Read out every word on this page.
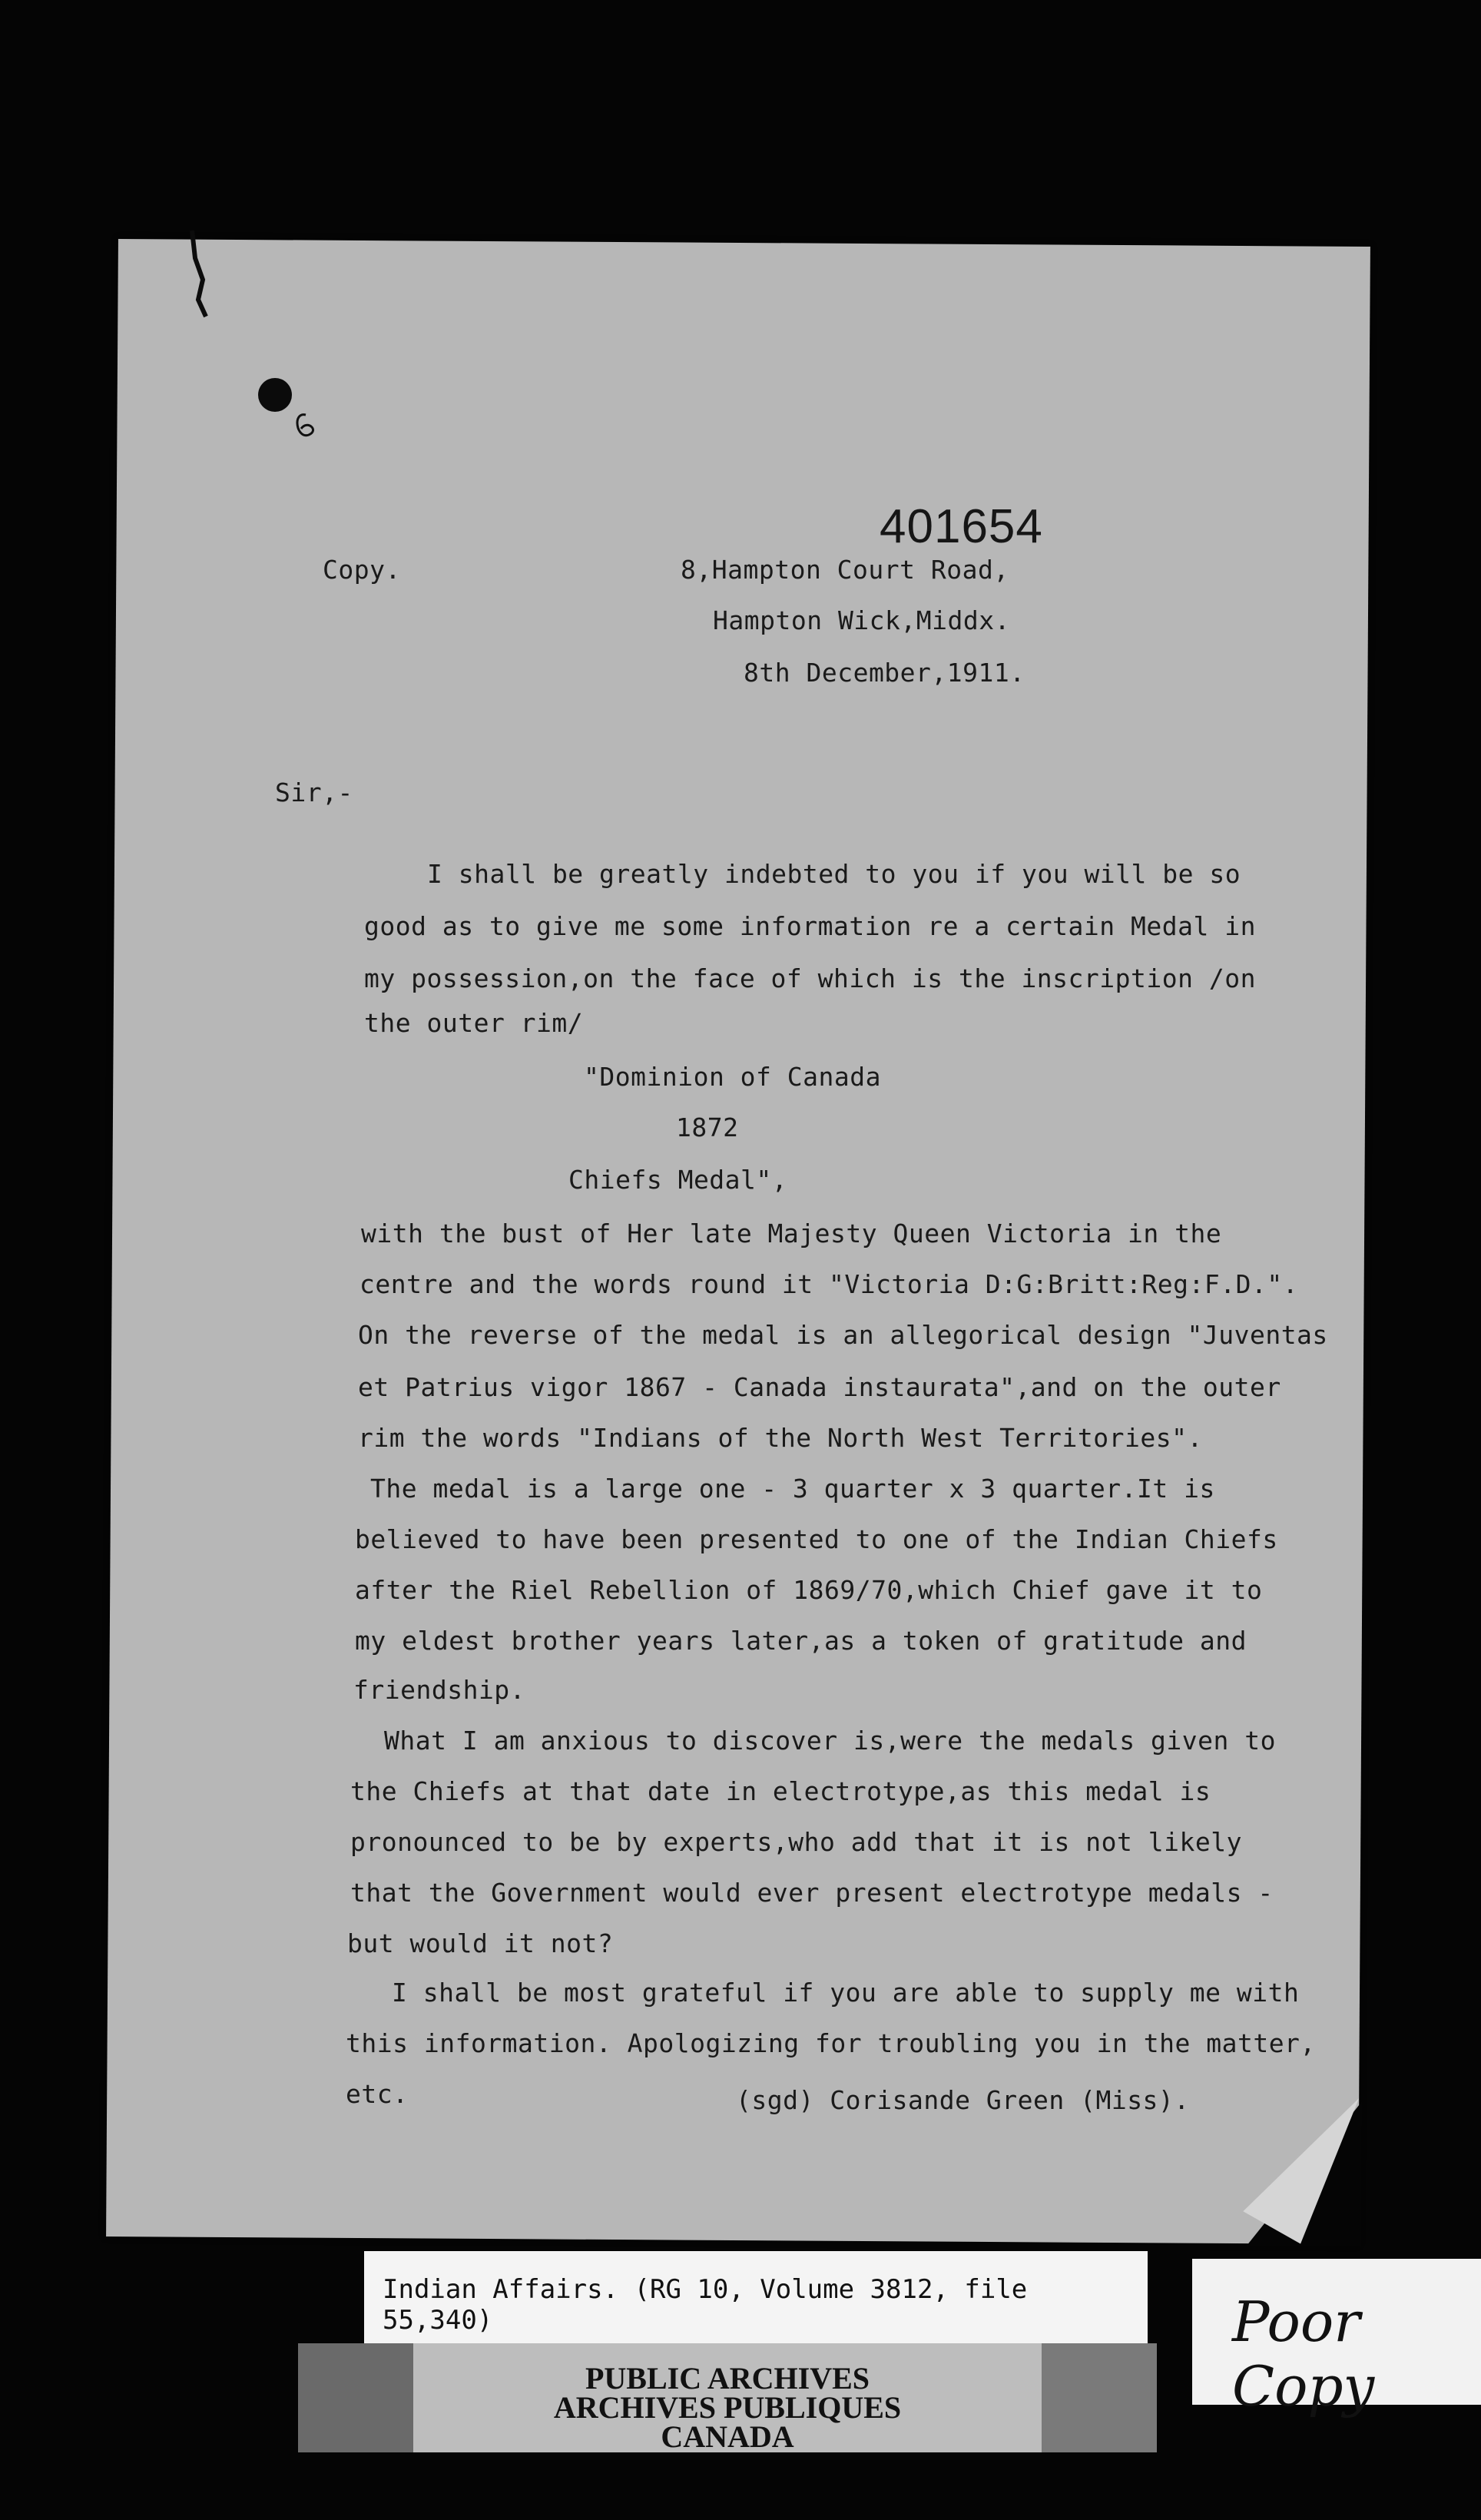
401654
Copy.	8,Hampton Court Road,
Hampton Wick,Middx.
8th December,1911.
Sir,-
I shall be greatly indebted to you if you will be so
good as to give me some information re a certain Medal in
my possession,on the face of which is the inscription /on
the outer rim/
"Dominion of Canada
1872
Chiefs Medal",
with the bust of Her late Majesty Queen Victoria in the
centre and the words round it "Victoria D:G:Britt:Reg:F.D.".
On the reverse of the medal is an allegorical design "Juventas
et Patrius vigor 1867 - Canada instaurata",and on the outer
rim the words "Indians of the North West Territories".
The medal is a large one - 3 quarter x 3 quarter.It is
believed to have been presented to one of the Indian Chiefs
after the Riel Rebellion of 1869/70,which Chief gave it to
my eldest brother years later,as a token of gratitude and
friendship.
What I am anxious to discover is,were the medals given to
the Chiefs at that date in electrotype,as this medal is
pronounced to be by experts,who add that it is not likely
that the Government would ever present electrotype medals -
but would it not?
I shall be most grateful if you are able to supply me with
this information. Apologizing for troubling you in the matter,
etc.	(sgd) Corisande Green (Miss).
Indian Affairs. (RG 10, Volume 3812, file 55,340)
PUBLIC ARCHIVES
ARCHIVES PUBLIQUES
CANADA
Poor Copy
